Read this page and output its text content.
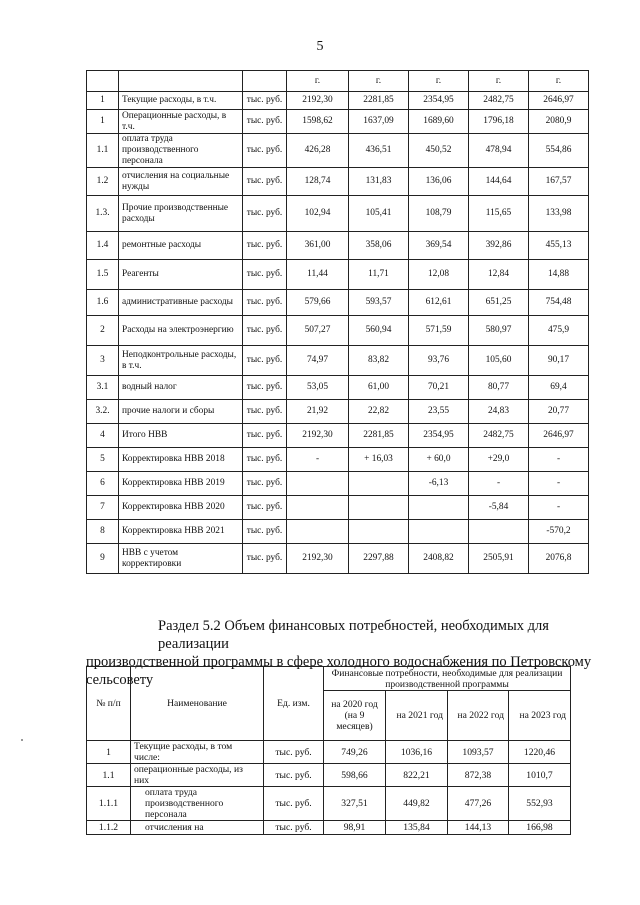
5
			г.	г.	г.	г.	г.
1	Текущие расходы, в т.ч.	тыс. руб.	2192,30	2281,85	2354,95	2482,75	2646,97
1	Операционные расходы, в т.ч.	тыс. руб.	1598,62	1637,09	1689,60	1796,18	2080,9
1.1	оплата труда производственного персонала	тыс. руб.	426,28	436,51	450,52	478,94	554,86
1.2	отчисления на социальные нужды	тыс. руб.	128,74	131,83	136,06	144,64	167,57
1.3.	Прочие производственные расходы	тыс. руб.	102,94	105,41	108,79	115,65	133,98
1.4	ремонтные расходы	тыс. руб.	361,00	358,06	369,54	392,86	455,13
1.5	Реагенты	тыс. руб.	11,44	11,71	12,08	12,84	14,88
1.6	административные расходы	тыс. руб.	579,66	593,57	612,61	651,25	754,48
2	Расходы на электроэнергию	тыс. руб.	507,27	560,94	571,59	580,97	475,9
3	Неподконтрольные расходы, в т.ч.	тыс. руб.	74,97	83,82	93,76	105,60	90,17
3.1	водный налог	тыс. руб.	53,05	61,00	70,21	80,77	69,4
3.2.	прочие налоги и сборы	тыс. руб.	21,92	22,82	23,55	24,83	20,77
4	Итого НВВ	тыс. руб.	2192,30	2281,85	2354,95	2482,75	2646,97
5	Корректировка НВВ 2018	тыс. руб.	-	+ 16,03	+ 60,0	+29,0	-
6	Корректировка НВВ 2019	тыс. руб.			-6,13	-	-
7	Корректировка НВВ 2020	тыс. руб.				-5,84	-
8	Корректировка НВВ 2021	тыс. руб.					-570,2
9	НВВ с учетом корректировки	тыс. руб.	2192,30	2297,88	2408,82	2505,91	2076,8
Раздел 5.2 Объем финансовых потребностей, необходимых для реализации
производственной программы в сфере холодного водоснабжения по Петровскому
сельсовету
№ п/п	Наименование	Ед. изм.	Финансовые потребности, необходимые для реализации производственной программы			
			на 2020 год (на 9 месяцев)	на 2021 год	на 2022 год	на 2023 год
1	Текущие расходы, в том числе:	тыс. руб.	749,26	1036,16	1093,57	1220,46
1.1	операционные расходы, из них	тыс. руб.	598,66	822,21	872,38	1010,7
1.1.1	оплата труда производственного персонала	тыс. руб.	327,51	449,82	477,26	552,93
1.1.2	отчисления на	тыс. руб.	98,91	135,84	144,13	166,98
